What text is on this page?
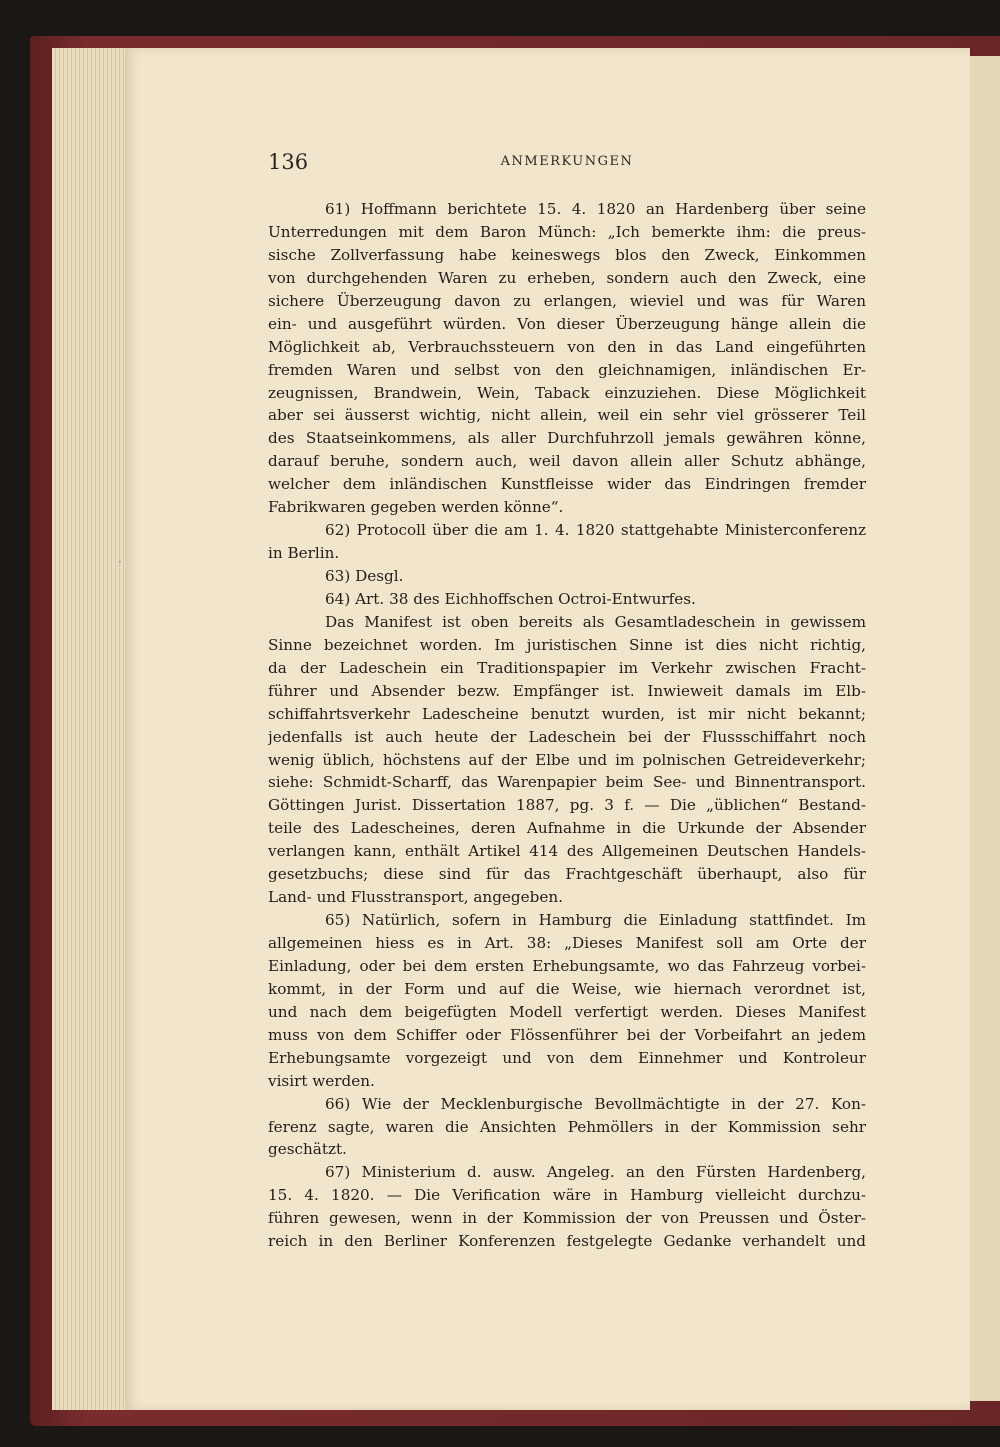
136	ANMERKUNGEN
·
61) Hoffmann berichtete 15. 4. 1820 an Hardenberg über seine
Unterredungen mit dem Baron Münch: „Ich bemerkte ihm: die preus-
sische Zollverfassung habe keineswegs blos den Zweck, Einkommen
von durchgehenden Waren zu erheben, sondern auch den Zweck, eine
sichere Überzeugung davon zu erlangen, wieviel und was für Waren
ein- und ausgeführt würden. Von dieser Überzeugung hänge allein die
Möglichkeit ab, Verbrauchssteuern von den in das Land eingeführten
fremden Waren und selbst von den gleichnamigen, inländischen Er-
zeugnissen, Brandwein, Wein, Taback einzuziehen. Diese Möglichkeit
aber sei äusserst wichtig, nicht allein, weil ein sehr viel grösserer Teil
des Staatseinkommens, als aller Durchfuhrzoll jemals gewähren könne,
darauf beruhe, sondern auch, weil davon allein aller Schutz abhänge,
welcher dem inländischen Kunstfleisse wider das Eindringen fremder
Fabrikwaren gegeben werden könne“.
62) Protocoll über die am 1. 4. 1820 stattgehabte Ministerconferenz
in Berlin.
63) Desgl.
64) Art. 38 des Eichhoffschen Octroi-Entwurfes.
Das Manifest ist oben bereits als Gesamtladeschein in gewissem
Sinne bezeichnet worden. Im juristischen Sinne ist dies nicht richtig,
da der Ladeschein ein Traditionspapier im Verkehr zwischen Fracht-
führer und Absender bezw. Empfänger ist. Inwieweit damals im Elb-
schiffahrtsverkehr Ladescheine benutzt wurden, ist mir nicht bekannt;
jedenfalls ist auch heute der Ladeschein bei der Flussschiffahrt noch
wenig üblich, höchstens auf der Elbe und im polnischen Getreideverkehr;
siehe: Schmidt-Scharff, das Warenpapier beim See- und Binnentransport.
Göttingen Jurist. Dissertation 1887, pg. 3 f. — Die „üblichen“ Bestand-
teile des Ladescheines, deren Aufnahme in die Urkunde der Absender
verlangen kann, enthält Artikel 414 des Allgemeinen Deutschen Handels-
gesetzbuchs; diese sind für das Frachtgeschäft überhaupt, also für
Land- und Flusstransport, angegeben.
65) Natürlich, sofern in Hamburg die Einladung stattfindet. Im
allgemeinen hiess es in Art. 38: „Dieses Manifest soll am Orte der
Einladung, oder bei dem ersten Erhebungsamte, wo das Fahrzeug vorbei-
kommt, in der Form und auf die Weise, wie hiernach verordnet ist,
und nach dem beigefügten Modell verfertigt werden. Dieses Manifest
muss von dem Schiffer oder Flössenführer bei der Vorbeifahrt an jedem
Erhebungsamte vorgezeigt und von dem Einnehmer und Kontroleur
visirt werden.
66) Wie der Mecklenburgische Bevollmächtigte in der 27. Kon-
ferenz sagte, waren die Ansichten Pehmöllers in der Kommission sehr
geschätzt.
67) Ministerium d. ausw. Angeleg. an den Fürsten Hardenberg,
15. 4. 1820. — Die Verification wäre in Hamburg vielleicht durchzu-
führen gewesen, wenn in der Kommission der von Preussen und Öster-
reich in den Berliner Konferenzen festgelegte Gedanke verhandelt und
